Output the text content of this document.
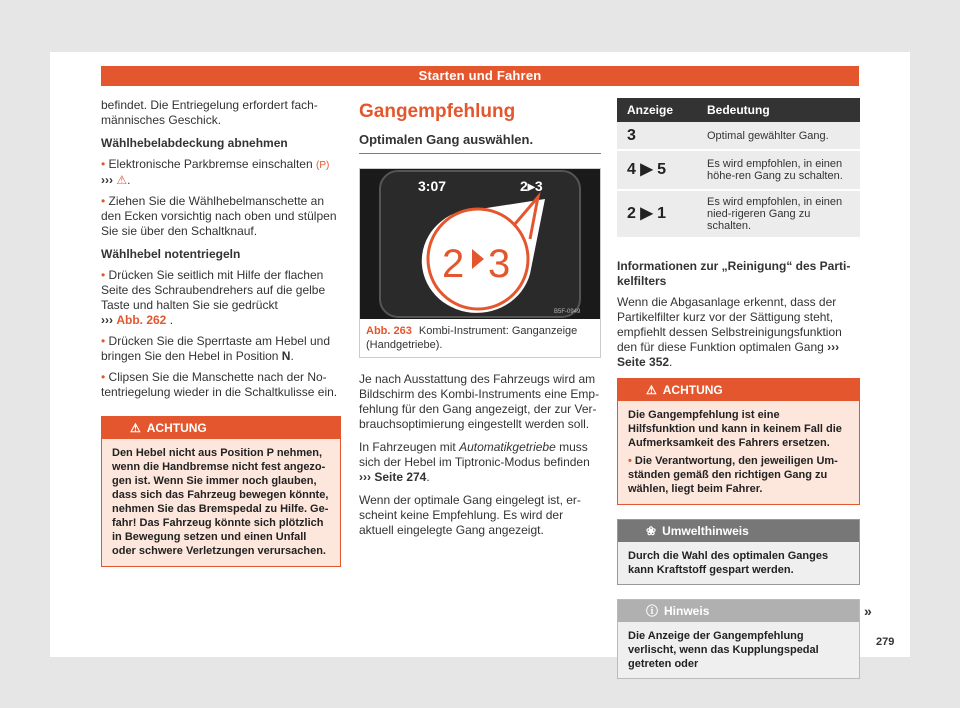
Starten und Fahren

befindet. Die Entriegelung erfordert fach-männisches Geschick.

Wählhebelabdeckung abnehmen
• Elektronische Parkbremse einschalten (P)
››› ⚠.
• Ziehen Sie die Wählhebelmanschette an den Ecken vorsichtig nach oben und stülpen Sie sie über den Schaltknauf.
Wählhebel notentriegeln
• Drücken Sie seitlich mit Hilfe der flachen Seite des Schraubendrehers auf die gelbe Taste und halten Sie sie gedrückt
››› Abb. 262 .
• Drücken Sie die Sperrtaste am Hebel und bringen Sie den Hebel in Position N.
• Clipsen Sie die Manschette nach der No-tentriegelung wieder in die Schaltkulisse ein.
⚠ ACHTUNG
Den Hebel nicht aus Position P nehmen, wenn die Handbremse nicht fest angezo-gen ist. Wenn Sie immer noch glauben, dass sich das Fahrzeug bewegen könnte, nehmen Sie das Bremspedal zu Hilfe. Ge-fahr! Das Fahrzeug könnte sich plötzlich in Bewegung setzen und einen Unfall oder schwere Verletzungen verursachen.
Gangempfehlung
Optimalen Gang auswählen.
3:07	2▸3
2 3
B5F-0949
Abb. 263 Kombi-Instrument: Ganganzeige (Handgetriebe).

Je nach Ausstattung des Fahrzeugs wird am Bildschirm des Kombi-Instruments eine Emp-fehlung für den Gang angezeigt, der zur Ver-brauchsoptimierung eingestellt werden soll.

In Fahrzeugen mit Automatikgetriebe muss sich der Hebel im Tiptronic-Modus befinden ››› Seite 274.

Wenn der optimale Gang eingelegt ist, er-scheint keine Empfehlung. Es wird der aktuell eingelegte Gang angezeigt.

Anzeige	Bedeutung
3	Optimal gewählter Gang.
4 ▶ 5	Es wird empfohlen, in einen höhe-ren Gang zu schalten.
2 ▶ 1	Es wird empfohlen, in einen nied-rigeren Gang zu schalten.
Informationen zur „Reinigung“ des Parti-kelfilters

Wenn die Abgasanlage erkennt, dass der Partikelfilter kurz vor der Sättigung steht, empfiehlt dessen Selbstreinigungsfunktion den für diese Funktion optimalen Gang ››› Seite 352.

⚠ ACHTUNG
Die Gangempfehlung ist eine Hilfsfunktion und kann in keinem Fall die Aufmerksamkeit des Fahrers ersetzen.
• Die Verantwortung, den jeweiligen Um-ständen gemäß den richtigen Gang zu wählen, liegt beim Fahrer.
❀ Umwelthinweis
Durch die Wahl des optimalen Ganges kann Kraftstoff gespart werden.
ⓘ Hinweis
Die Anzeige der Gangempfehlung verlischt, wenn das Kupplungspedal getreten oder
»
279
